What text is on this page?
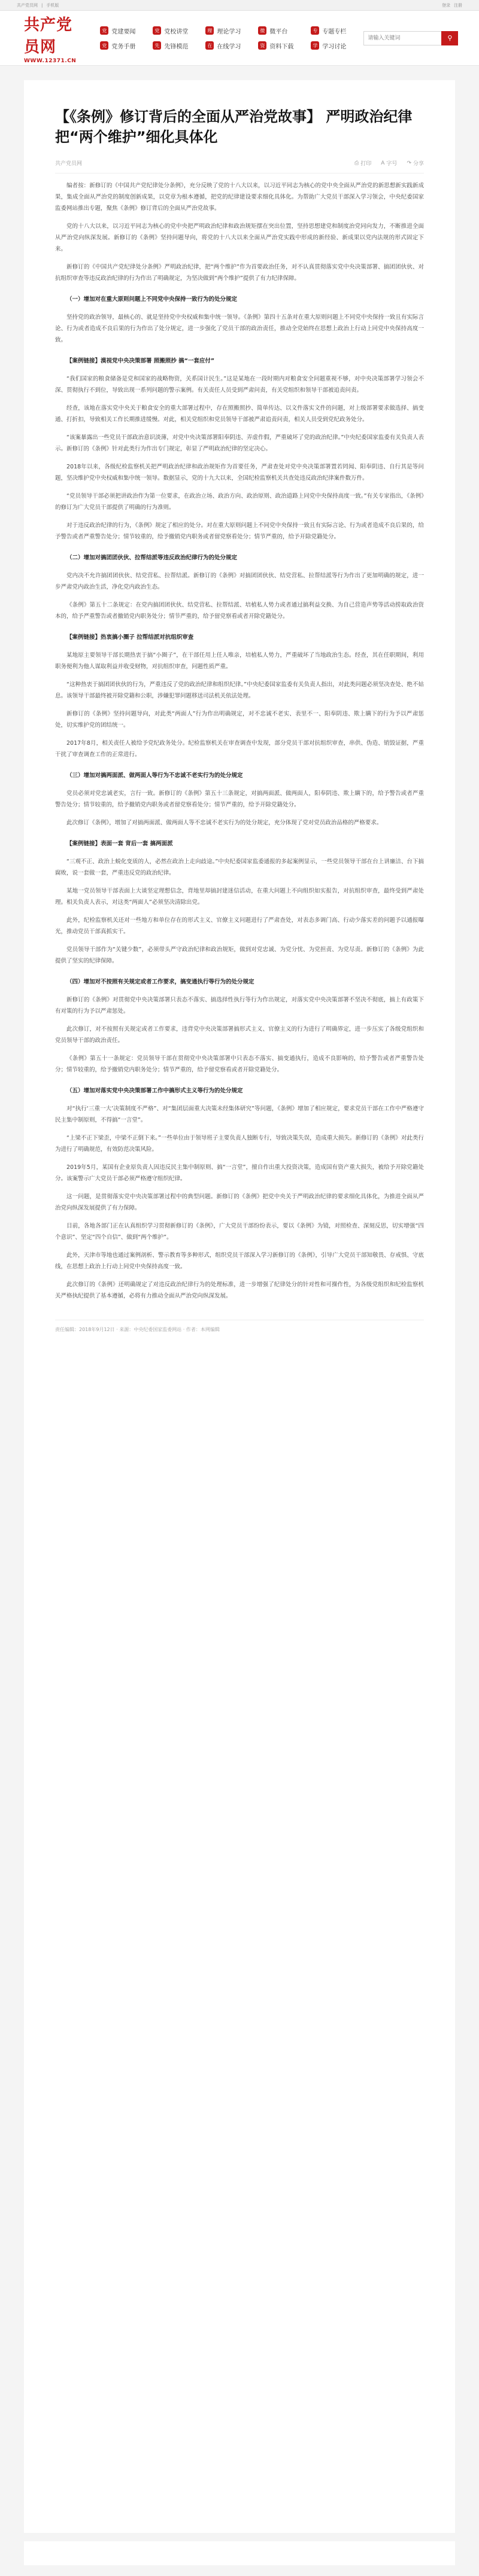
共产党员网 | 手机版	登录 注册
共产党员网
WWW.12371.CN
党 党建要闻	党 党校讲堂	理 理论学习	微 微平台	专 专题专栏
党 党务手册	先 先锋模范	在 在线学习	资 资料下载	学 学习讨论
请输入关键词
⚲
【《条例》修订背后的全面从严治党故事】 严明政治纪律 把“两个维护”细化具体化
共产党员网	⎙ 打印 A 字号 ↷ 分享

编者按：新修订的《中国共产党纪律处分条例》，充分反映了党的十八大以来，以习近平同志为核心的党中央全面从严治党的新思想新实践新成果，集成全面从严治党的制度创新成果，以党章为根本遵循，把党的纪律建设要求细化具体化。为帮助广大党员干部深入学习领会，中央纪委国家监委网站推出专题，聚焦《条例》修订背后的全面从严治党故事。

党的十八大以来，以习近平同志为核心的党中央把严明政治纪律和政治规矩摆在突出位置，坚持思想建党和制度治党同向发力，不断推进全面从严治党向纵深发展。新修订的《条例》坚持问题导向，将党的十八大以来全面从严治党实践中形成的新经验、新成果以党内法规的形式固定下来。

新修订的《中国共产党纪律处分条例》严明政治纪律，把“两个维护”作为首要政治任务，对不认真贯彻落实党中央决策部署、搞团团伙伙、对抗组织审查等违反政治纪律的行为作出了明确规定，为坚决做到“两个维护”提供了有力纪律保障。

（一）增加对在重大原则问题上不同党中央保持一致行为的处分规定

坚持党的政治领导，最核心的、就是坚持党中央权威和集中统一领导。《条例》第四十五条对在重大原则问题上不同党中央保持一致且有实际言论、行为或者造成不良后果的行为作出了处分规定，进一步强化了党员干部的政治责任，推动全党始终在思想上政治上行动上同党中央保持高度一致。

【案例链接】漠视党中央决策部署 照搬照抄 搞“一套应付”

“我们国家的粮食储备是党和国家的战略物资，关系国计民生。”这是某地在一段时期内对粮食安全问题重视不够，对中央决策部署学习领会不深、贯彻执行不到位，导致出现一系列问题的警示案例。有关责任人员受到严肃问责，有关党组织和领导干部被追责问责。

经查，该地在落实党中央关于粮食安全的重大部署过程中，存在照搬照抄、简单传达、以文件落实文件的问题，对上级部署要求做选择、搞变通、打折扣，导致相关工作长期推进缓慢。对此，相关党组织和党员领导干部被严肃追责问责，相关人员受到党纪政务处分。

“该案暴露出一些党员干部政治意识淡薄，对党中央决策部署阳奉阴违、弄虚作假，严重破坏了党的政治纪律。”中央纪委国家监委有关负责人表示。新修订的《条例》针对此类行为作出专门规定，彰显了严明政治纪律的坚定决心。

2018年以来，各级纪检监察机关把严明政治纪律和政治规矩作为首要任务，严肃查处对党中央决策部署置若罔闻、阳奉阴违、自行其是等问题，坚决维护党中央权威和集中统一领导。数据显示，党的十九大以来，全国纪检监察机关共查处违反政治纪律案件数万件。

“党员领导干部必须把讲政治作为第一位要求，在政治立场、政治方向、政治原则、政治道路上同党中央保持高度一致。”有关专家指出，《条例》的修订为广大党员干部提供了明确的行为准则。

对于违反政治纪律的行为，《条例》规定了相应的处分。对在重大原则问题上不同党中央保持一致且有实际言论、行为或者造成不良后果的，给予警告或者严重警告处分；情节较重的，给予撤销党内职务或者留党察看处分；情节严重的，给予开除党籍处分。

（二）增加对搞团团伙伙、拉帮结派等违反政治纪律行为的处分规定

党内决不允许搞团团伙伙、结党营私、拉帮结派。新修订的《条例》对搞团团伙伙、结党营私、拉帮结派等行为作出了更加明确的规定，进一步严肃党内政治生活，净化党内政治生态。

《条例》第五十二条规定：在党内搞团团伙伙、结党营私、拉帮结派、培植私人势力或者通过搞利益交换、为自己营造声势等活动捞取政治资本的，给予严重警告或者撤销党内职务处分；情节严重的，给予留党察看或者开除党籍处分。

【案例链接】热衷搞小圈子 拉帮结派对抗组织审查

某地原主要领导干部长期热衷于搞“小圈子”，在干部任用上任人唯亲，培植私人势力，严重破坏了当地政治生态。经查，其在任职期间，利用职务便利为他人谋取利益并收受财物，对抗组织审查，问题性质严重。

“这种热衷于搞团团伙伙的行为，严重违反了党的政治纪律和组织纪律。”中央纪委国家监委有关负责人指出，对此类问题必须坚决查处、绝不姑息。该领导干部最终被开除党籍和公职，涉嫌犯罪问题移送司法机关依法处理。

新修订的《条例》坚持问题导向，对此类“两面人”行为作出明确规定，对不忠诚不老实、表里不一、阳奉阴违、欺上瞒下的行为予以严肃惩处，切实维护党的团结统一。

2017年8月，相关责任人被给予党纪政务处分。纪检监察机关在审查调查中发现，部分党员干部对抗组织审查，串供、伪造、销毁证据，严重干扰了审查调查工作的正常进行。

（三）增加对搞两面派、做两面人等行为不忠诚不老实行为的处分规定

党员必须对党忠诚老实，言行一致。新修订的《条例》第五十三条规定，对搞两面派、做两面人，阳奉阴违、欺上瞒下的，给予警告或者严重警告处分；情节较重的，给予撤销党内职务或者留党察看处分；情节严重的，给予开除党籍处分。

此次修订《条例》，增加了对搞两面派、做两面人等不忠诚不老实行为的处分规定，充分体现了党对党员政治品格的严格要求。

【案例链接】表面一套 背后一套 搞两面派

“三观不正、政治上蜕化变质的人，必然在政治上走向歧途。”中央纪委国家监委通报的多起案例显示，一些党员领导干部在台上讲廉洁、台下搞腐败，说一套做一套，严重违反党的政治纪律。

某地一党员领导干部表面上大谈坚定理想信念，背地里却搞封建迷信活动，在重大问题上不向组织如实报告，对抗组织审查，最终受到严肃处理。相关负责人表示，对这类“两面人”必须坚决清除出党。

此外，纪检监察机关还对一些地方和单位存在的形式主义、官僚主义问题进行了严肃查处，对表态多调门高、行动少落实差的问题予以通报曝光，推动党员干部真抓实干。

党员领导干部作为“关键少数”，必须带头严守政治纪律和政治规矩，做到对党忠诚、为党分忧、为党担责、为党尽责。新修订的《条例》为此提供了坚实的纪律保障。

（四）增加对不按照有关规定或者工作要求，搞变通执行等行为的处分规定

新修订的《条例》对贯彻党中央决策部署只表态不落实、搞选择性执行等行为作出规定，对落实党中央决策部署不坚决不彻底，搞上有政策下有对策的行为予以严肃惩处。

此次修订，对不按照有关规定或者工作要求，违背党中央决策部署搞形式主义、官僚主义的行为进行了明确界定，进一步压实了各级党组织和党员领导干部的政治责任。

《条例》第五十一条规定：党员领导干部在贯彻党中央决策部署中只表态不落实、搞变通执行，造成不良影响的，给予警告或者严重警告处分；情节较重的，给予撤销党内职务处分；情节严重的，给予留党察看或者开除党籍处分。

（五）增加对落实党中央决策部署工作中搞形式主义等行为的处分规定

对“执行‘三重一大’决策制度不严格”、对“集团层面重大决策未经集体研究”等问题，《条例》增加了相应规定，要求党员干部在工作中严格遵守民主集中制原则，不得搞“一言堂”。

“上梁不正下梁歪，中梁不正倒下来。”一些单位由于领导班子主要负责人独断专行，导致决策失误，造成重大损失。新修订的《条例》对此类行为进行了明确规范，有效防范决策风险。

2019年5月，某国有企业原负责人因违反民主集中制原则、搞“一言堂”，擅自作出重大投资决策，造成国有资产重大损失，被给予开除党籍处分。该案警示广大党员干部必须严格遵守组织纪律。

这一问题，是贯彻落实党中央决策部署过程中的典型问题。新修订的《条例》把党中央关于严明政治纪律的要求细化具体化，为推进全面从严治党向纵深发展提供了有力保障。

目前，各地各部门正在认真组织学习贯彻新修订的《条例》，广大党员干部纷纷表示，要以《条例》为镜，对照检查、深刻反思，切实增强“四个意识”、坚定“四个自信”、做到“两个维护”。

此外，天津市等地也通过案例剖析、警示教育等多种形式，组织党员干部深入学习新修订的《条例》，引导广大党员干部知敬畏、存戒惧、守底线，在思想上政治上行动上同党中央保持高度一致。

此次修订的《条例》还明确规定了对违反政治纪律行为的处理标准，进一步增强了纪律处分的针对性和可操作性，为各级党组织和纪检监察机关严格执纪提供了基本遵循，必将有力推动全面从严治党向纵深发展。

责任编辑：2018年9月12日 · 来源：中央纪委国家监委网站 · 作者：本网编辑
